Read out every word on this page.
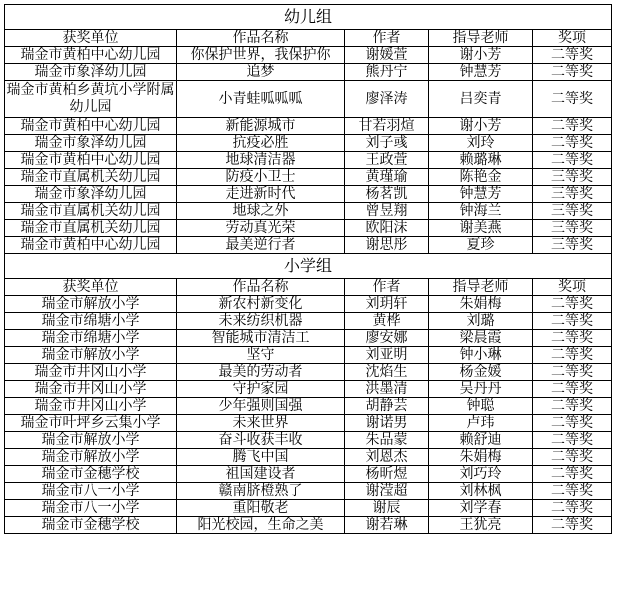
幼儿组				
获奖单位	作品名称	作者	指导老师	奖项
瑞金市黄柏中心幼儿园	你保护世界，我保护你	谢媛萱	谢小芳	二等奖
瑞金市象泽幼儿园	追梦	熊丹宁	钟慧芳	二等奖
瑞金市黄柏乡黄坑小学附属幼儿园	小青蛙呱呱呱	廖泽涛	吕奕青	二等奖
瑞金市黄柏中心幼儿园	新能源城市	甘若羽煊	谢小芳	二等奖
瑞金市象泽幼儿园	抗疫必胜	刘子彧	刘玲	二等奖
瑞金市黄柏中心幼儿园	地球清洁器	王政萱	赖璐琳	二等奖
瑞金市直属机关幼儿园	防疫小卫士	黄瑾瑜	陈艳金	三等奖
瑞金市象泽幼儿园	走进新时代	杨茗凯	钟慧芳	三等奖
瑞金市直属机关幼儿园	地球之外	曾昱翔	钟海兰	三等奖
瑞金市直属机关幼儿园	劳动真光荣	欧阳沫	谢美燕	三等奖
瑞金市黄柏中心幼儿园	最美逆行者	谢思彤	夏珍	三等奖
小学组				
获奖单位	作品名称	作者	指导老师	奖项
瑞金市解放小学	新农村新变化	刘玥轩	朱娟梅	二等奖
瑞金市绵塘小学	未来纺织机器	黄桦	刘璐	二等奖
瑞金市绵塘小学	智能城市清洁工	廖安娜	梁晨霞	二等奖
瑞金市解放小学	坚守	刘亚明	钟小琳	二等奖
瑞金市井冈山小学	最美的劳动者	沈焰生	杨金媛	二等奖
瑞金市井冈山小学	守护家园	洪墨清	吴丹丹	二等奖
瑞金市井冈山小学	少年强则国强	胡静芸	钟聪	二等奖
瑞金市叶坪乡云集小学	未来世界	谢诺男	卢玮	二等奖
瑞金市解放小学	奋斗收获丰收	朱品蒙	赖舒迪	二等奖
瑞金市解放小学	腾飞中国	刘恩杰	朱娟梅	二等奖
瑞金市金穗学校	祖国建设者	杨昕煜	刘巧玲	二等奖
瑞金市八一小学	赣南脐橙熟了	谢滢超	刘林枫	二等奖
瑞金市八一小学	重阳敬老	谢辰	刘学春	二等奖
瑞金市金穗学校	阳光校园，生命之美	谢若琳	王犹亮	二等奖
